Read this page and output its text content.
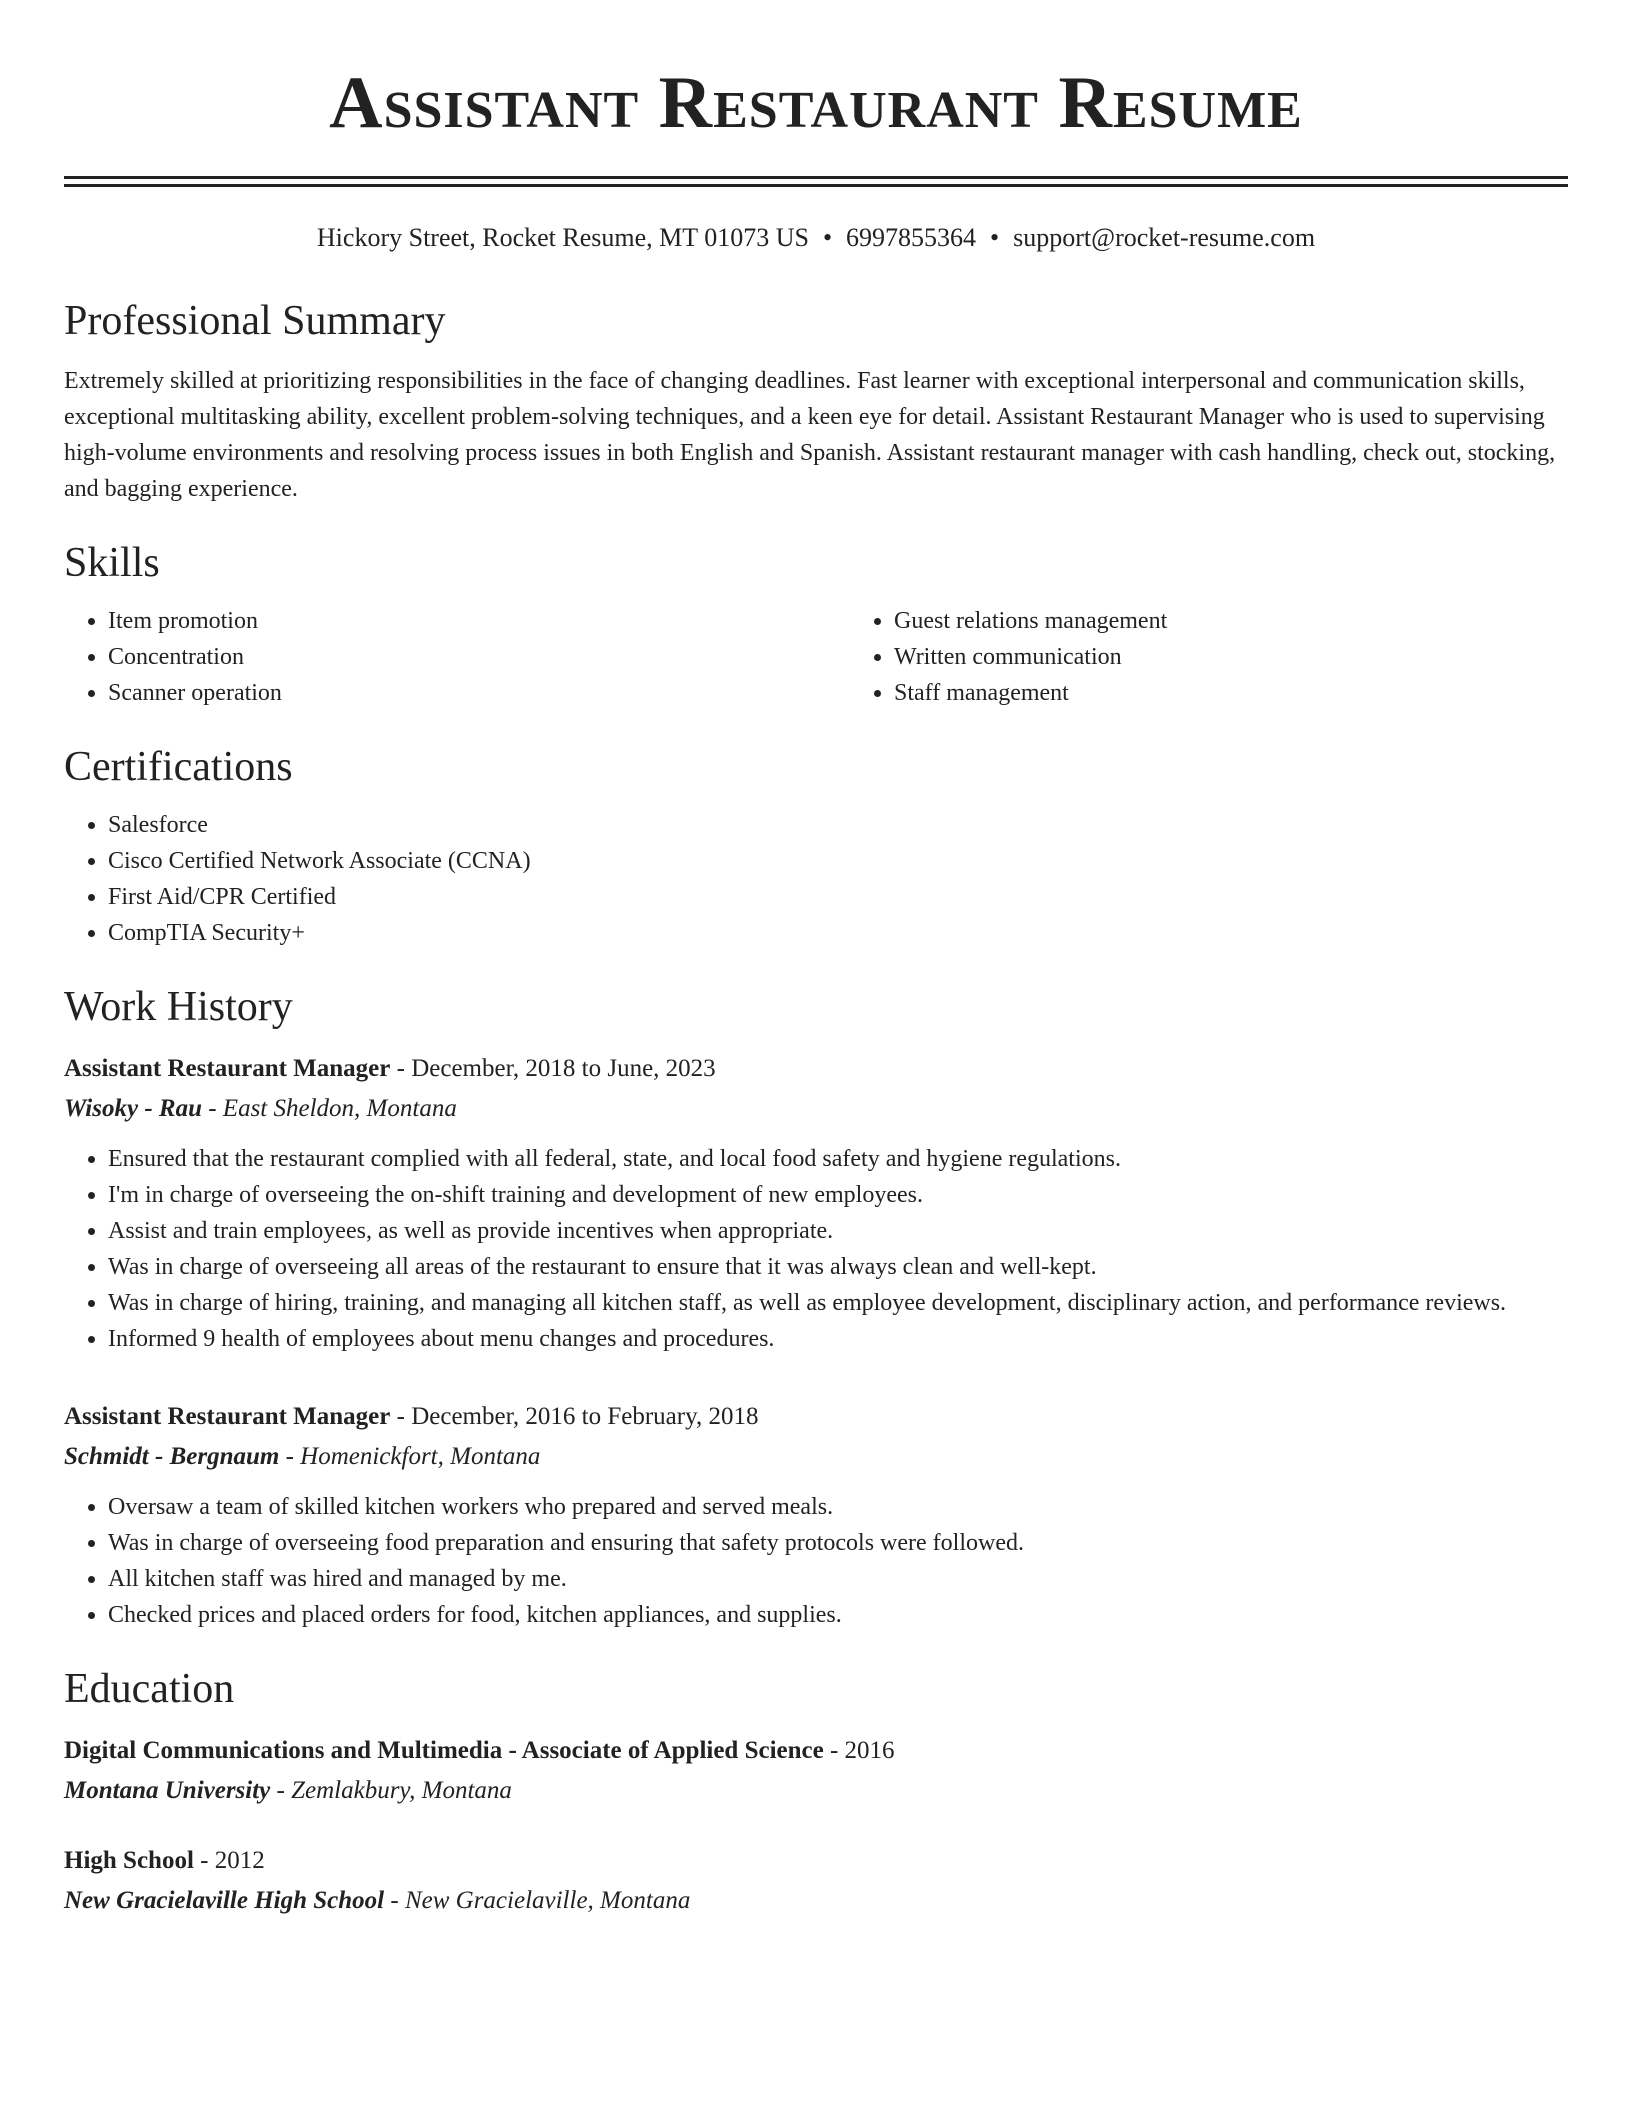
Assistant Restaurant Resume
Hickory Street, Rocket Resume, MT 01073 US • 6997855364 • support@rocket-resume.com
Professional Summary

Extremely skilled at prioritizing responsibilities in the face of changing deadlines. Fast learner with exceptional interpersonal and communication skills, exceptional multitasking ability, excellent problem-solving techniques, and a keen eye for detail. Assistant Restaurant Manager who is used to supervising high-volume environments and resolving process issues in both English and Spanish. Assistant restaurant manager with cash handling, check out, stocking, and bagging experience.

Skills
• Item promotion
• Concentration
• Scanner operation
• Guest relations management
• Written communication
• Staff management
Certifications
• Salesforce
• Cisco Certified Network Associate (CCNA)
• First Aid/CPR Certified
• CompTIA Security+
Work History
Assistant Restaurant Manager - December, 2018 to June, 2023
Wisoky - Rau - East Sheldon, Montana
• Ensured that the restaurant complied with all federal, state, and local food safety and hygiene regulations.
• I'm in charge of overseeing the on-shift training and development of new employees.
• Assist and train employees, as well as provide incentives when appropriate.
• Was in charge of overseeing all areas of the restaurant to ensure that it was always clean and well-kept.
• Was in charge of hiring, training, and managing all kitchen staff, as well as employee development, disciplinary action, and performance reviews.
• Informed 9 health of employees about menu changes and procedures.
Assistant Restaurant Manager - December, 2016 to February, 2018
Schmidt - Bergnaum - Homenickfort, Montana
• Oversaw a team of skilled kitchen workers who prepared and served meals.
• Was in charge of overseeing food preparation and ensuring that safety protocols were followed.
• All kitchen staff was hired and managed by me.
• Checked prices and placed orders for food, kitchen appliances, and supplies.
Education
Digital Communications and Multimedia - Associate of Applied Science - 2016
Montana University - Zemlakbury, Montana
High School - 2012
New Gracielaville High School - New Gracielaville, Montana
